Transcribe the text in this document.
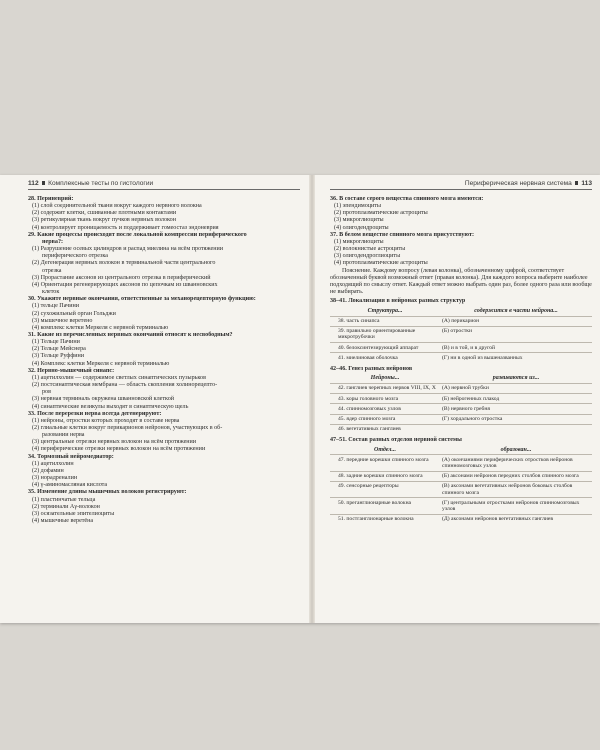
112 Комплексные тесты по гистологии
28. Периневрий:
(1) слой соединительной ткани вокруг каждого нервного волокна
(2) содержит клетки, сшиванные плотными контактами
(3) ретикулярная ткань вокруг пучков нервных волокон
(4) контролирует проницаемость и поддерживает гомеостаз эндоневрия
29. Какие процессы происходят после локальной компрессии периферического
нерва?:
(1) Разрушение осевых цилиндров и распад миелина на всём протяжении
периферического отрезка
(2) Дегенерация нервных волокон в терминальной части центрального
отрезка
(3) Прорастание аксонов из центрального отрезка в периферический
(4) Ориентация регенерирующих аксонов по цепочкам из шванновских
клеток
30. Укажите нервные окончания, ответственные за механорецепторную функцию:
(1) тельце Пачини
(2) сухожильный орган Гольджи
(3) мышечное веретено
(4) комплекс клетки Меркеля с нервной терминалью
31. Какие из перечисленных нервных окончаний относят к несвободным?
(1) Тельце Пачини
(2) Тельце Мейснера
(3) Тельце Руффини
(4) Комплекс клетки Меркеля с нервной терминалью
32. Нервно-мышечный синапс:
(1) ацетилхолин — содержимое светлых синаптических пузырьков
(2) постсинаптическая мембрана — область скопления холинорецепто-
ров
(3) нервная терминаль окружена шванновской клеткой
(4) синаптические везикулы выходят в синаптическую щель
33. После перерезки нерва всегда дегенерируют:
(1) нейроны, отростки которых проходят в составе нерва
(2) глиальные клетки вокруг перикарионов нейронов, участвующих в об-
разовании нерва
(3) центральные отрезки нервных волокон на всём протяжении
(4) периферические отрезки нервных волокон на всём протяжении
34. Тормозный нейромедиатор:
(1) ацетилхолин
(2) дофамин
(3) норадреналин
(4) γ-аминомасляная кислота
35. Изменение длины мышечных волокон регистрируют:
(1) пластинчатые тельца
(2) терминали Аγ-волокон
(3) осязательные эпителиоциты
(4) мышечные веретёна
Периферическая нервная система 113
36. В составе серого вещества спинного мозга имеются:
(1) эпендимоциты
(2) протоплазматические астроциты
(3) микроглиоциты
(4) олигодендроциты
37. В белом веществе спинного мозга присутствуют:
(1) микроглиоциты
(2) волокнистые астроциты
(3) олигодендроглиоциты
(4) протоплазматические астроциты
Пояснение. Каждому вопросу (левая колонка), обозначенному цифрой, соответствует обозначенный буквой возможный ответ (правая колонка). Для каждого вопроса выберите наиболее подходящий по смыслу ответ. Каждый ответ можно выбрать один раз, более одного раза или вообще не выбирать.
38–41. Локализация в нейронах разных структур
Структура...	содержится в части нейрона...
38. часть синапса	(А) перикарион
39. правильно ориентированные микротрубочки	(Б) отростки
40. белоксинтезирующий аппарат	(В) и в той, и в другой
41. миелиновая оболочка	(Г) ни в одной из вышеназванных
42–46. Генез разных нейронов
Нейроны...	развиваются из...
42. ганглиев черепных нервов VIII, IX, X	(А) нервной трубки
43. коры головного мозга	(Б) нейрогенных плакод
44. спинномозговых узлов	(В) нервного гребня
45. ядер спинного мозга	(Г) хордального отростка
46. вегетативных ганглиев	
47–51. Состав разных отделов нервной системы
Отдел...	образован...
47. передние корешки спинного мозга	(А) окончаниями периферических отростков нейронов спинномозговых узлов
48. задние корешки спинного мозга	(Б) аксонами нейронов передних столбов спинного мозга
49. сенсорные рецепторы	(В) аксонами вегетативных нейронов боковых столбов спинного мозга
50. преганглионарные волокна	(Г) центральными отростками нейронов спинномозговых узлов
51. постганглионарные волокна	(Д) аксонами нейронов вегетативных ганглиев
